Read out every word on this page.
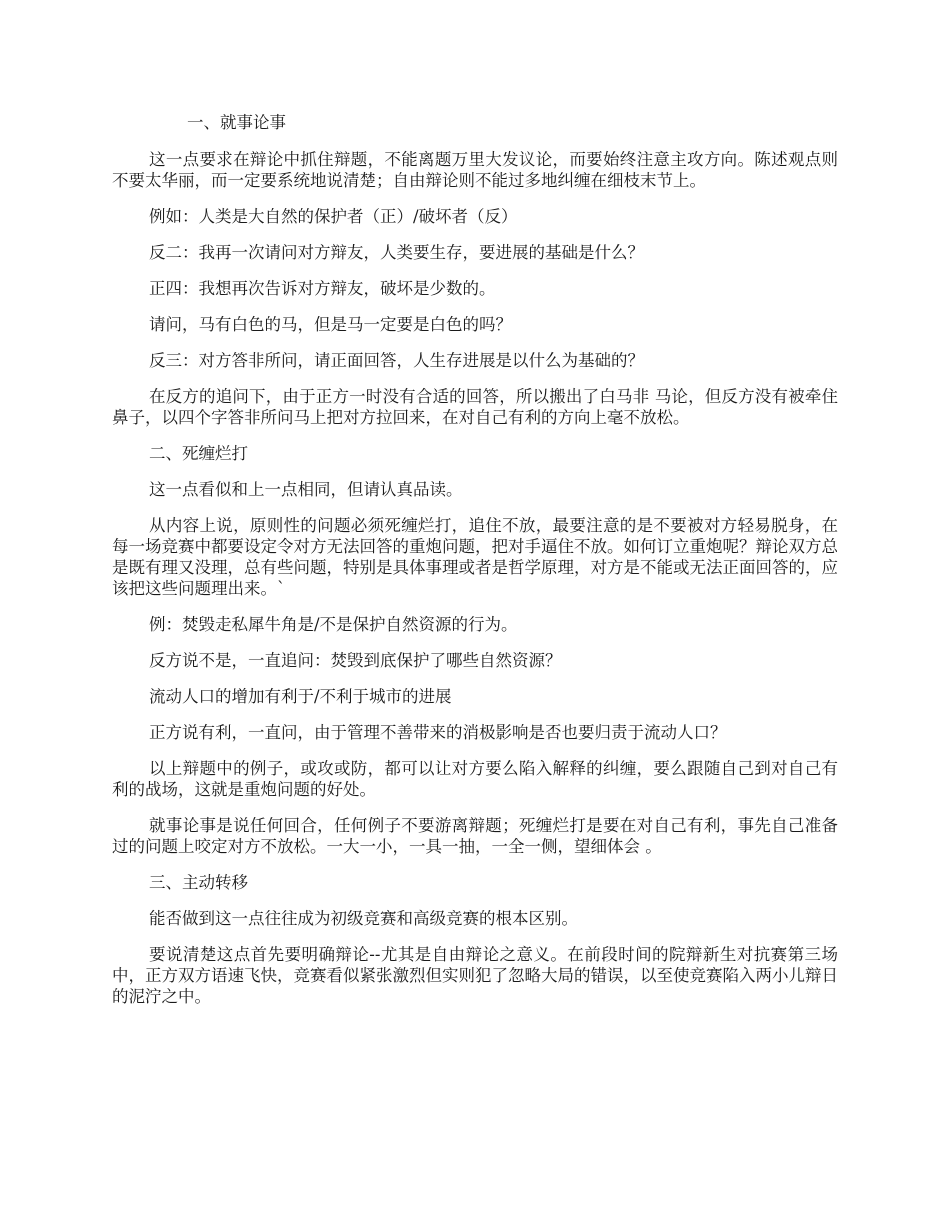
一、就事论事

这一点要求在辩论中抓住辩题，不能离题万里大发议论，而要始终注意主攻方向。陈述观点则不要太华丽，而一定要系统地说清楚；自由辩论则不能过多地纠缠在细枝末节上。

例如：人类是大自然的保护者（正）/破坏者（反）

反二：我再一次请问对方辩友，人类要生存，要进展的基础是什么？

正四：我想再次告诉对方辩友，破坏是少数的。

请问，马有白色的马，但是马一定要是白色的吗？

反三：对方答非所问，请正面回答，人生存进展是以什么为基础的？

在反方的追问下，由于正方一时没有合适的回答，所以搬出了白马非 马论，但反方没有被牵住鼻子，以四个字答非所问马上把对方拉回来，在对自己有利的方向上毫不放松。

二、死缠烂打

这一点看似和上一点相同，但请认真品读。

从内容上说，原则性的问题必须死缠烂打，追住不放，最要注意的是不要被对方轻易脱身，在每一场竞赛中都要设定令对方无法回答的重炮问题，把对手逼住不放。如何订立重炮呢？辩论双方总是既有理又没理，总有些问题，特别是具体事理或者是哲学原理，对方是不能或无法正面回答的，应该把这些问题理出来。`

例：焚毁走私犀牛角是/不是保护自然资源的行为。

反方说不是，一直追问：焚毁到底保护了哪些自然资源？

流动人口的增加有利于/不利于城市的进展

正方说有利，一直问，由于管理不善带来的消极影响是否也要归责于流动人口？

以上辩题中的例子，或攻或防，都可以让对方要么陷入解释的纠缠，要么跟随自己到对自己有利的战场，这就是重炮问题的好处。

就事论事是说任何回合，任何例子不要游离辩题；死缠烂打是要在对自己有利，事先自己准备过的问题上咬定对方不放松。一大一小，一具一抽，一全一侧，望细体会 。

三、主动转移

能否做到这一点往往成为初级竞赛和高级竞赛的根本区别。

要说清楚这点首先要明确辩论--尤其是自由辩论之意义。在前段时间的院辩新生对抗赛第三场中，正方双方语速飞快，竞赛看似紧张激烈但实则犯了忽略大局的错误，以至使竞赛陷入两小儿辩日的泥泞之中。
